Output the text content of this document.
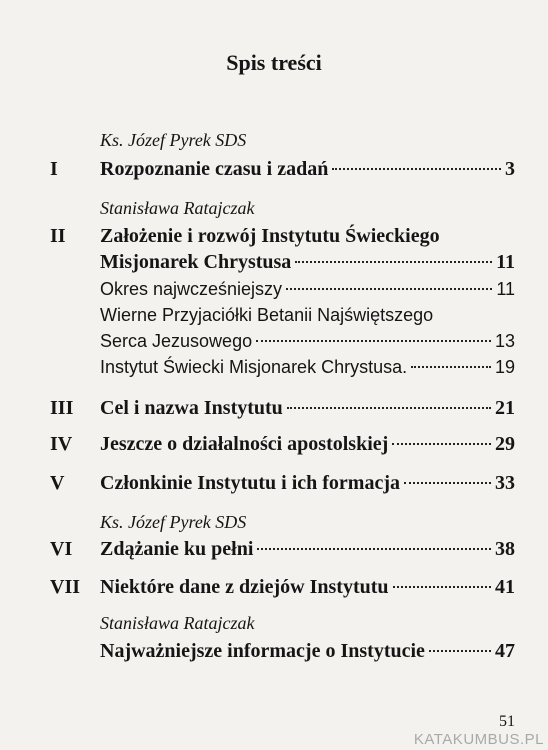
Spis treści
Ks. Józef Pyrek SDS
I Rozpoznanie czasu i zadań	3
Stanisława Ratajczak
II Założenie i rozwój Instytutu Świeckiego
Misjonarek Chrystusa	11
Okres najwcześniejszy	11
Wierne Przyjaciółki Betanii Najświętszego
Serca Jezusowego	13
Instytut Świecki Misjonarek Chrystusa.	19
III Cel i nazwa Instytutu	21
IV Jeszcze o działalności apostolskiej	29
V Członkinie Instytutu i ich formacja	33
Ks. Józef Pyrek SDS
VI Zdążanie ku pełni	38
VII Niektóre dane z dziejów Instytutu	41
Stanisława Ratajczak
Najważniejsze informacje o Instytucie	47
51
KATAKUMBUS.PL
